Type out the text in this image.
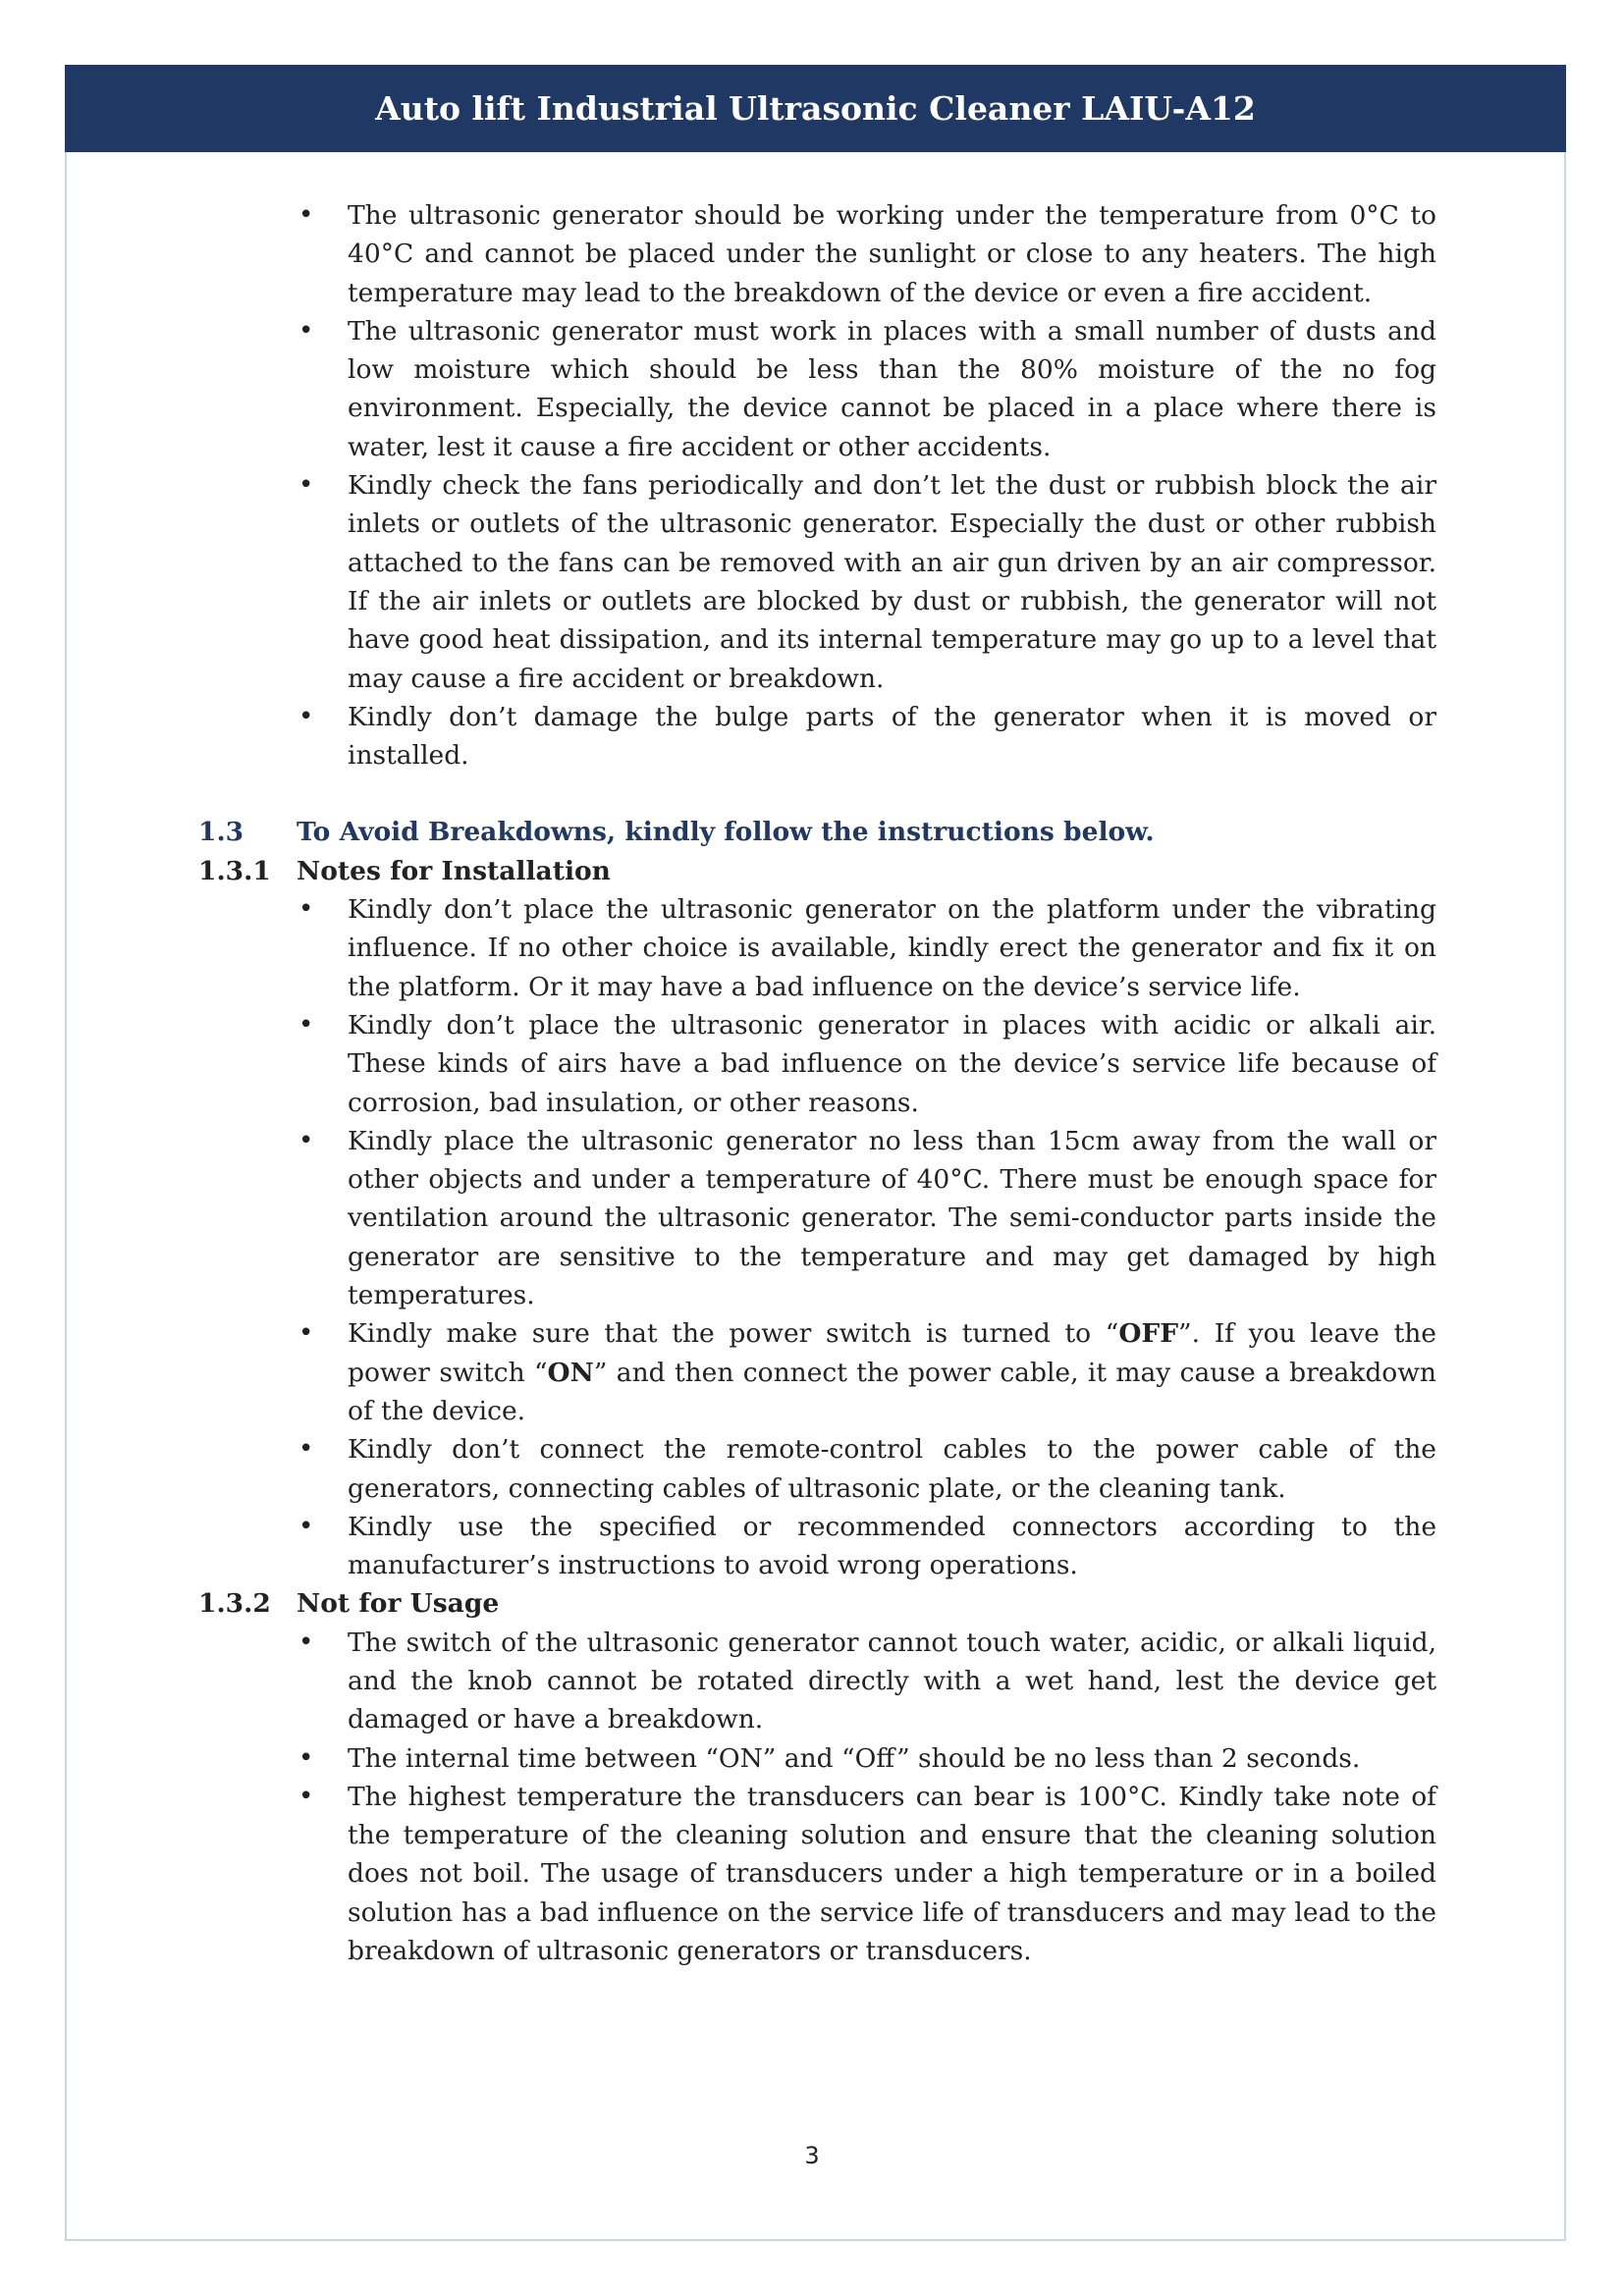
Auto lift Industrial Ultrasonic Cleaner LAIU-A12
• The ultrasonic generator should be working under the temperature from 0°C to 40°C and cannot be placed under the sunlight or close to any heaters. The high temperature may lead to the breakdown of the device or even a fire accident.
• The ultrasonic generator must work in places with a small number of dusts and low moisture which should be less than the 80% moisture of the no fog environment. Especially, the device cannot be placed in a place where there is water, lest it cause a fire accident or other accidents.
• Kindly check the fans periodically and don’t let the dust or rubbish block the air inlets or outlets of the ultrasonic generator. Especially the dust or other rubbish attached to the fans can be removed with an air gun driven by an air compressor. If the air inlets or outlets are blocked by dust or rubbish, the generator will not have good heat dissipation, and its internal temperature may go up to a level that may cause a fire accident or breakdown.
• Kindly don’t damage the bulge parts of the generator when it is moved or installed.
1.3	To Avoid Breakdowns, kindly follow the instructions below.
1.3.1 Notes for Installation
• Kindly don’t place the ultrasonic generator on the platform under the vibrating influence. If no other choice is available, kindly erect the generator and fix it on the platform. Or it may have a bad influence on the device’s service life.
• Kindly don’t place the ultrasonic generator in places with acidic or alkali air. These kinds of airs have a bad influence on the device’s service life because of corrosion, bad insulation, or other reasons.
• Kindly place the ultrasonic generator no less than 15cm away from the wall or other objects and under a temperature of 40°C. There must be enough space for ventilation around the ultrasonic generator. The semi-conductor parts inside the generator are sensitive to the temperature and may get damaged by high temperatures.
• Kindly make sure that the power switch is turned to “OFF”. If you leave the power switch “ON” and then connect the power cable, it may cause a breakdown of the device.
• Kindly don’t connect the remote-control cables to the power cable of the generators, connecting cables of ultrasonic plate, or the cleaning tank.
• Kindly use the specified or recommended connectors according to the manufacturer’s instructions to avoid wrong operations.
1.3.2 Not for Usage
• The switch of the ultrasonic generator cannot touch water, acidic, or alkali liquid, and the knob cannot be rotated directly with a wet hand, lest the device get damaged or have a breakdown.
• The internal time between “ON” and “Off” should be no less than 2 seconds.
• The highest temperature the transducers can bear is 100°C. Kindly take note of the temperature of the cleaning solution and ensure that the cleaning solution does not boil. The usage of transducers under a high temperature or in a boiled solution has a bad influence on the service life of transducers and may lead to the breakdown of ultrasonic generators or transducers.
3
